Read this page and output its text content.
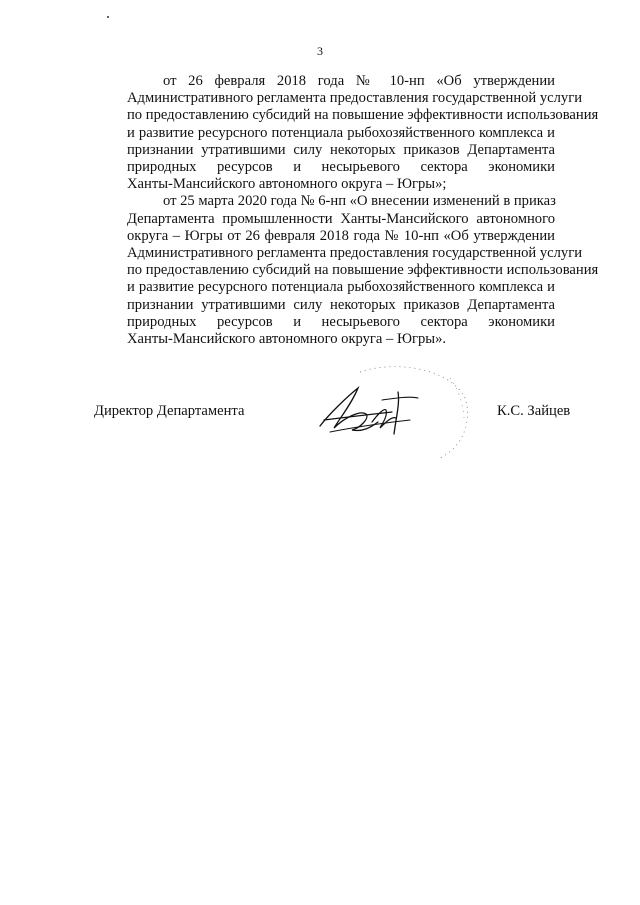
3

от 26 февраля 2018 года № 10-нп «Об утверждении
Административного регламента предоставления государственной услуги
по предоставлению субсидий на повышение эффективности использования
и развитие ресурсного потенциала рыбохозяйственного комплекса и
признании утратившими силу некоторых приказов Департамента
природных ресурсов и несырьевого сектора экономики
Ханты-Мансийского автономного округа – Югры»;

от 25 марта 2020 года № 6-нп «О внесении изменений в приказ
Департамента промышленности Ханты-Мансийского автономного
округа – Югры от 26 февраля 2018 года № 10-нп «Об утверждении
Административного регламента предоставления государственной услуги
по предоставлению субсидий на повышение эффективности использования
и развитие ресурсного потенциала рыбохозяйственного комплекса и
признании утратившими силу некоторых приказов Департамента
природных ресурсов и несырьевого сектора экономики
Ханты-Мансийского автономного округа – Югры».

Директор Департамента	К.С. Зайцев
